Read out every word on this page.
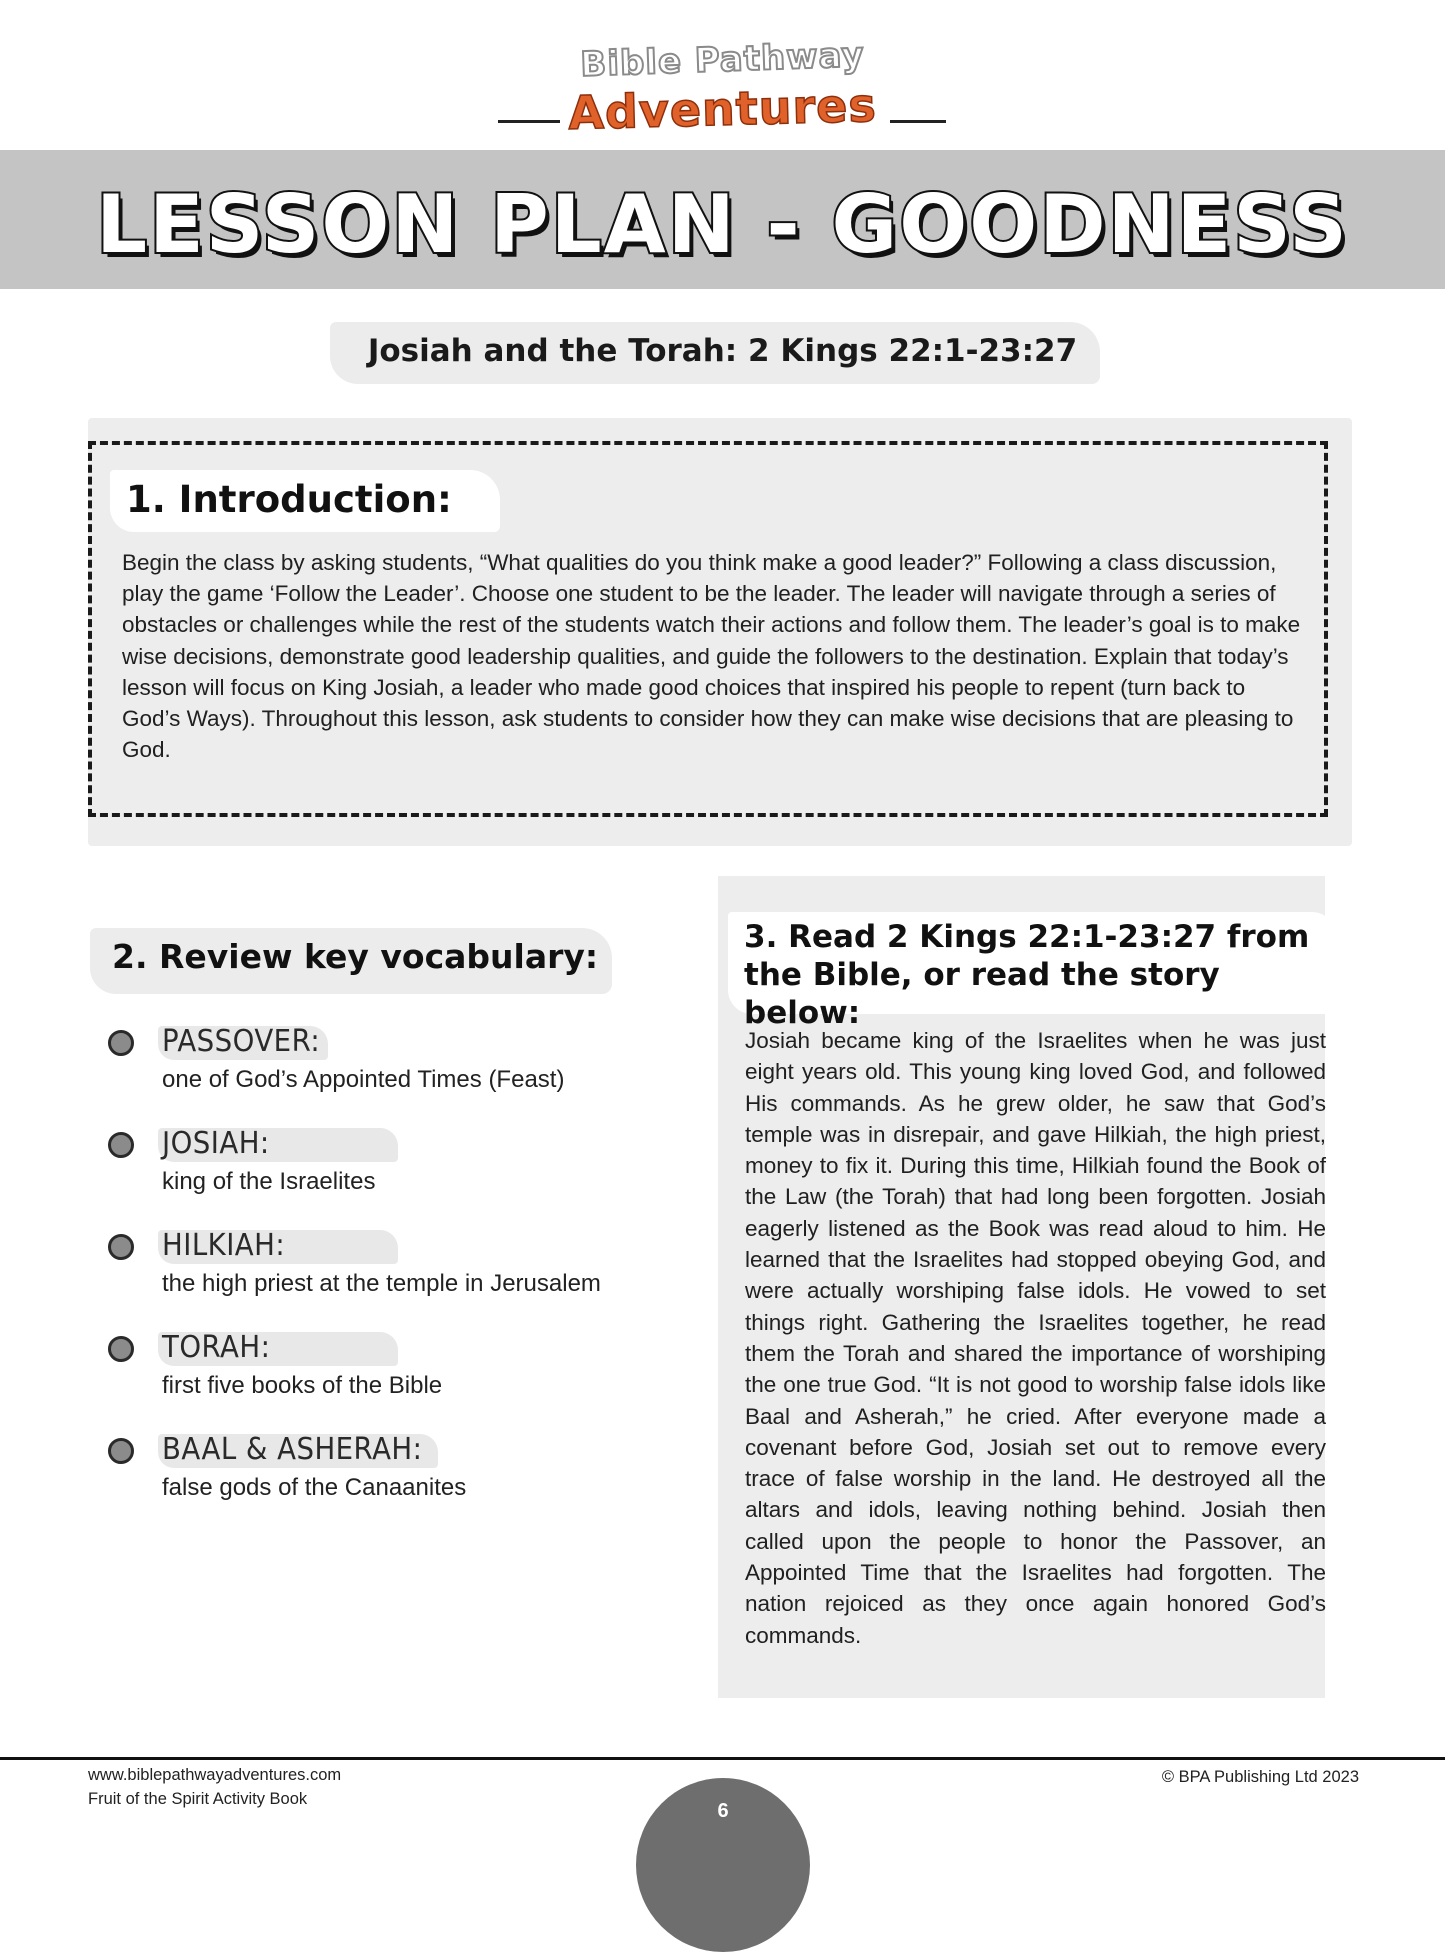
Bible Pathway
Adventures
LESSON PLAN - GOODNESS
Josiah and the Torah: 2 Kings 22:1-23:27
1. Introduction:
Begin the class by asking students, “What qualities do you think make a good leader?” Following a class discussion, play the game ‘Follow the Leader’. Choose one student to be the leader. The leader will navigate through a series of obstacles or challenges while the rest of the students watch their actions and follow them. The leader’s goal is to make wise decisions, demonstrate good leadership qualities, and guide the followers to the destination. Explain that today’s lesson will focus on King Josiah, a leader who made good choices that inspired his people to repent (turn back to God’s Ways). Throughout this lesson, ask students to consider how they can make wise decisions that are pleasing to God.
2. Review key vocabulary:
PASSOVER:
one of God’s Appointed Times (Feast)
JOSIAH:
king of the Israelites
HILKIAH:
the high priest at the temple in Jerusalem
TORAH:
first five books of the Bible
BAAL & ASHERAH:
false gods of the Canaanites
3. Read 2 Kings 22:1-23:27 from
the Bible, or read the story below:
Josiah became king of the Israelites when he was just eight years old. This young king loved God, and followed His commands. As he grew older, he saw that God’s temple was in disrepair, and gave Hilkiah, the high priest, money to fix it. During this time, Hilkiah found the Book of the Law (the Torah) that had long been forgotten. Josiah eagerly listened as the Book was read aloud to him. He learned that the Israelites had stopped obeying God, and were actually worshiping false idols. He vowed to set things right. Gathering the Israelites together, he read them the Torah and shared the importance of worshiping the one true God. “It is not good to worship false idols like Baal and Asherah,” he cried. After everyone made a covenant before God, Josiah set out to remove every trace of false worship in the land. He destroyed all the altars and idols, leaving nothing behind. Josiah then called upon the people to honor the Passover, an Appointed Time that the Israelites had forgotten. The nation rejoiced as they once again honored God’s commands.
www.biblepathwayadventures.com
Fruit of the Spirit Activity Book
© BPA Publishing Ltd 2023
6
